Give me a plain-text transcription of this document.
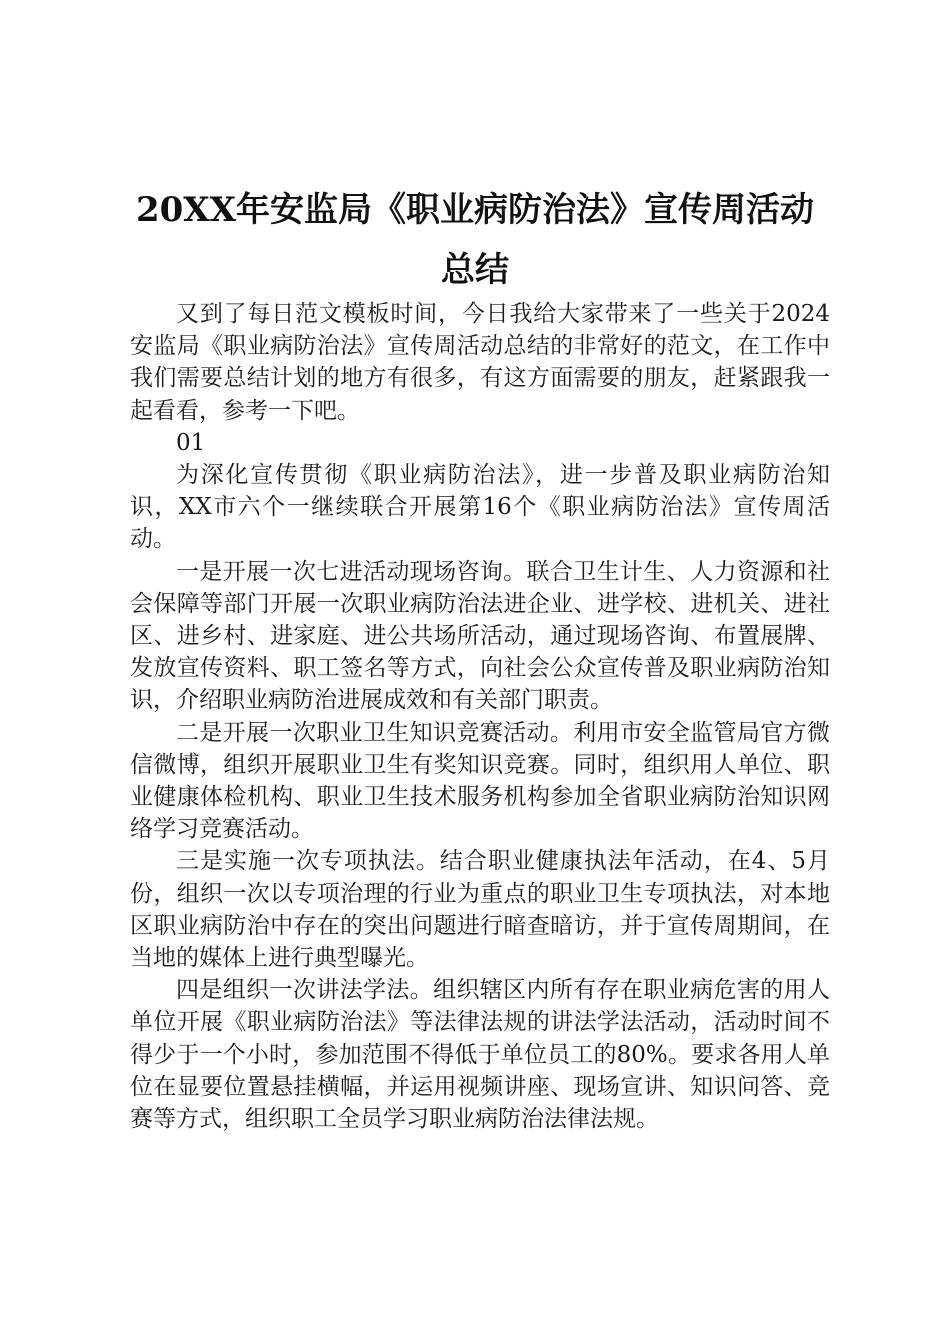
20XX年安监局《职业病防治法》宣传周活动
总结

又到了每日范文模板时间，今日我给大家带来了一些关于2024安监局《职业病防治法》宣传周活动总结的非常好的范文，在工作中我们需要总结计划的地方有很多，有这方面需要的朋友，赶紧跟我一起看看，参考一下吧。

01

为深化宣传贯彻《职业病防治法》，进一步普及职业病防治知识，XX市六个一继续联合开展第16个《职业病防治法》宣传周活动。

一是开展一次七进活动现场咨询。联合卫生计生、人力资源和社会保障等部门开展一次职业病防治法进企业、进学校、进机关、进社区、进乡村、进家庭、进公共场所活动，通过现场咨询、布置展牌、发放宣传资料、职工签名等方式，向社会公众宣传普及职业病防治知识，介绍职业病防治进展成效和有关部门职责。

二是开展一次职业卫生知识竞赛活动。利用市安全监管局官方微信微博，组织开展职业卫生有奖知识竞赛。同时，组织用人单位、职业健康体检机构、职业卫生技术服务机构参加全省职业病防治知识网络学习竞赛活动。

三是实施一次专项执法。结合职业健康执法年活动，在4、5月份，组织一次以专项治理的行业为重点的职业卫生专项执法，对本地区职业病防治中存在的突出问题进行暗查暗访，并于宣传周期间，在当地的媒体上进行典型曝光。

四是组织一次讲法学法。组织辖区内所有存在职业病危害的用人单位开展《职业病防治法》等法律法规的讲法学法活动，活动时间不得少于一个小时，参加范围不得低于单位员工的80%。要求各用人单位在显要位置悬挂横幅，并运用视频讲座、现场宣讲、知识问答、竞赛等方式，组织职工全员学习职业病防治法律法规。
